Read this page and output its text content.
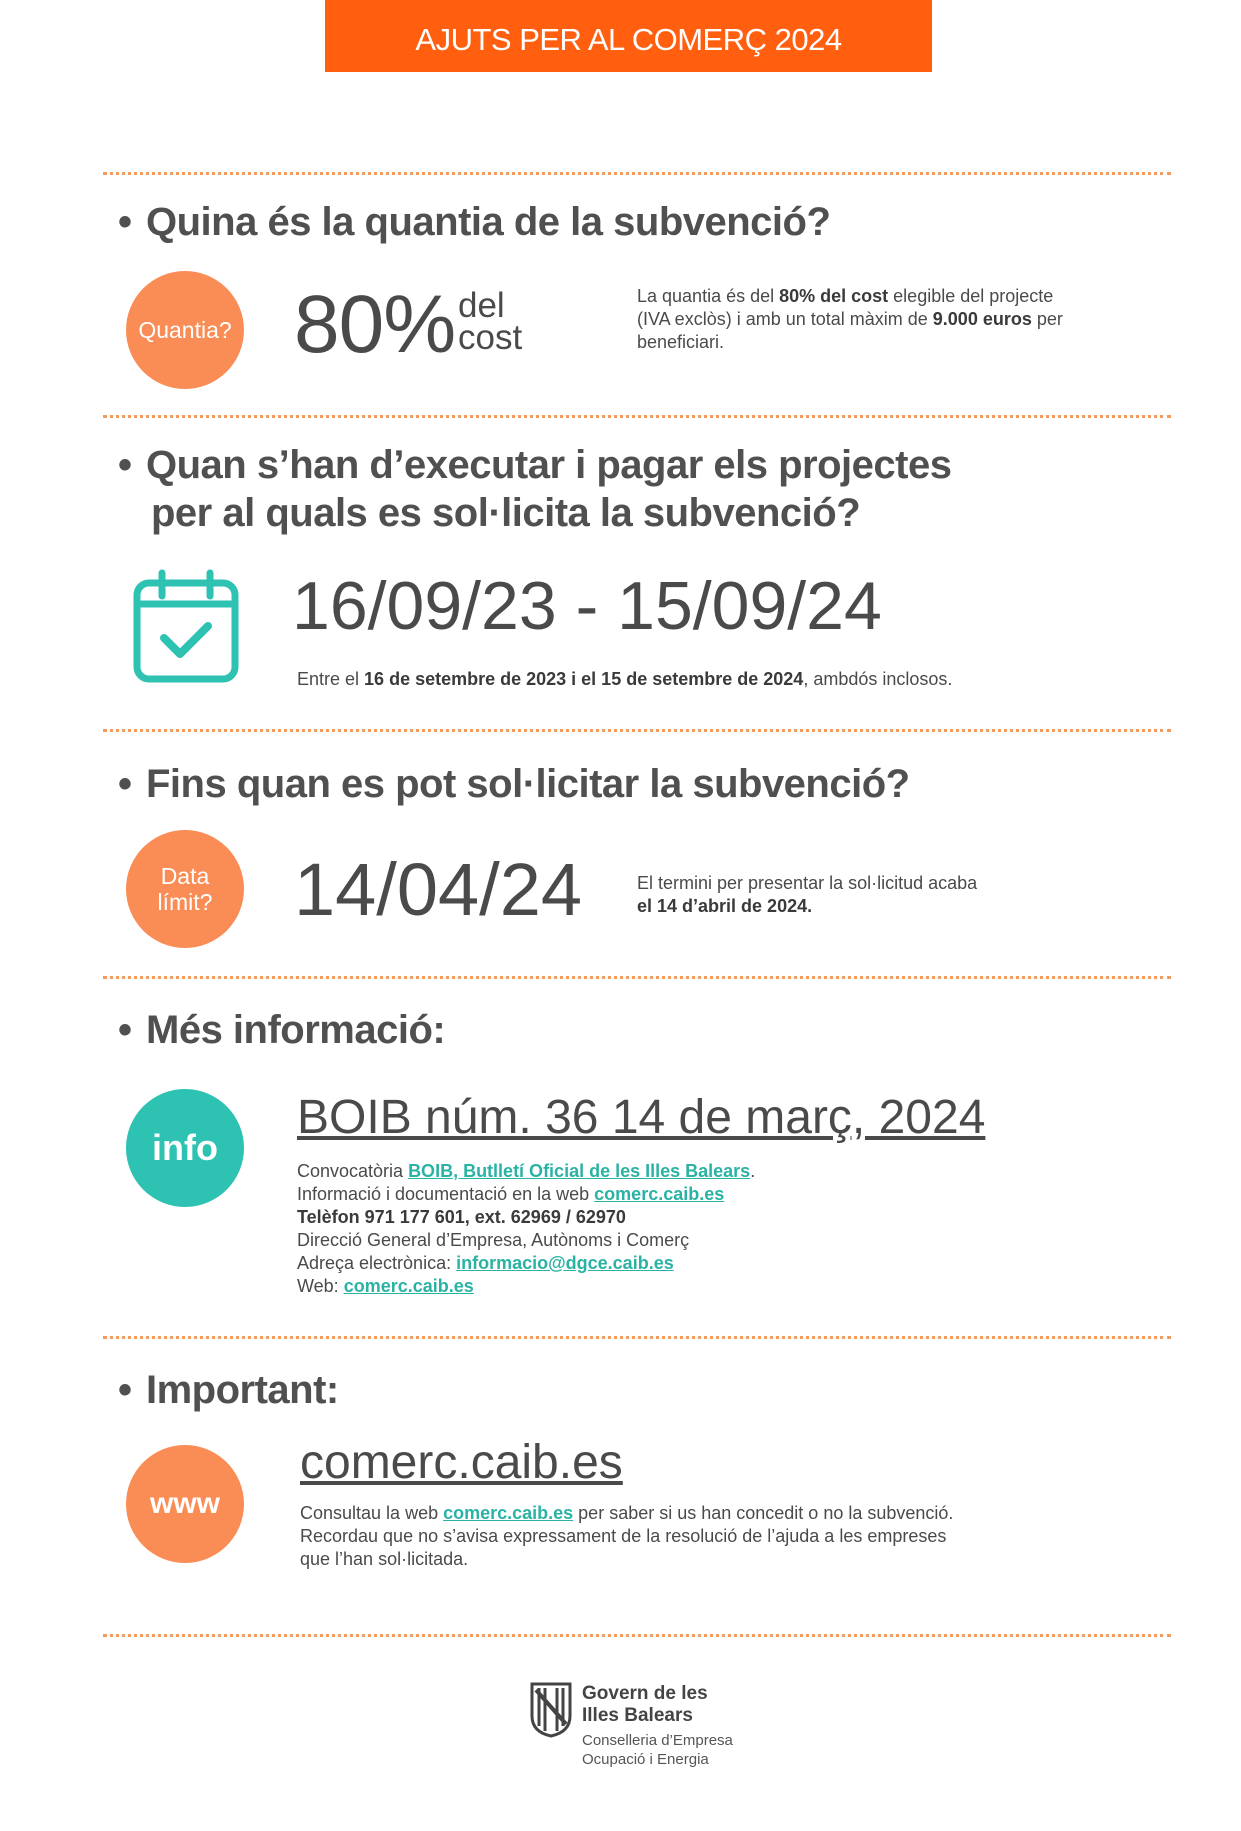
AJUTS PER AL COMERÇ 2024
• Quina és la quantia de la subvenció?
Quantia? 80% del
cost
La quantia és del 80% del cost elegible del projecte (IVA exclòs) i amb un total màxim de 9.000 euros per beneficiari.
• Quan s’han d’executar i pagar els projectes
per al quals es sol·licita la subvenció?
16/09/23 - 15/09/24
Entre el 16 de setembre de 2023 i el 15 de setembre de 2024, ambdós inclosos.
• Fins quan es pot sol·licitar la subvenció?
Data
límit? 14/04/24	El termini per presentar la sol·licitud acaba
el 14 d’abril de 2024.
• Més informació:
info
BOIB núm. 36 14 de març, 2024
Convocatòria BOIB, Butlletí Oficial de les Illes Balears.
Informació i documentació en la web comerc.caib.es
Telèfon 971 177 601, ext. 62969 / 62970
Direcció General d’Empresa, Autònoms i Comerç
Adreça electrònica: informacio@dgce.caib.es
Web: comerc.caib.es
• Important:
www
comerc.caib.es
Consultau la web comerc.caib.es per saber si us han concedit o no la subvenció.
Recordau que no s’avisa expressament de la resolució de l’ajuda a les empreses
que l’han sol·licitada.
Govern de les
Illes Balears
Conselleria d’Empresa
Ocupació i Energia
